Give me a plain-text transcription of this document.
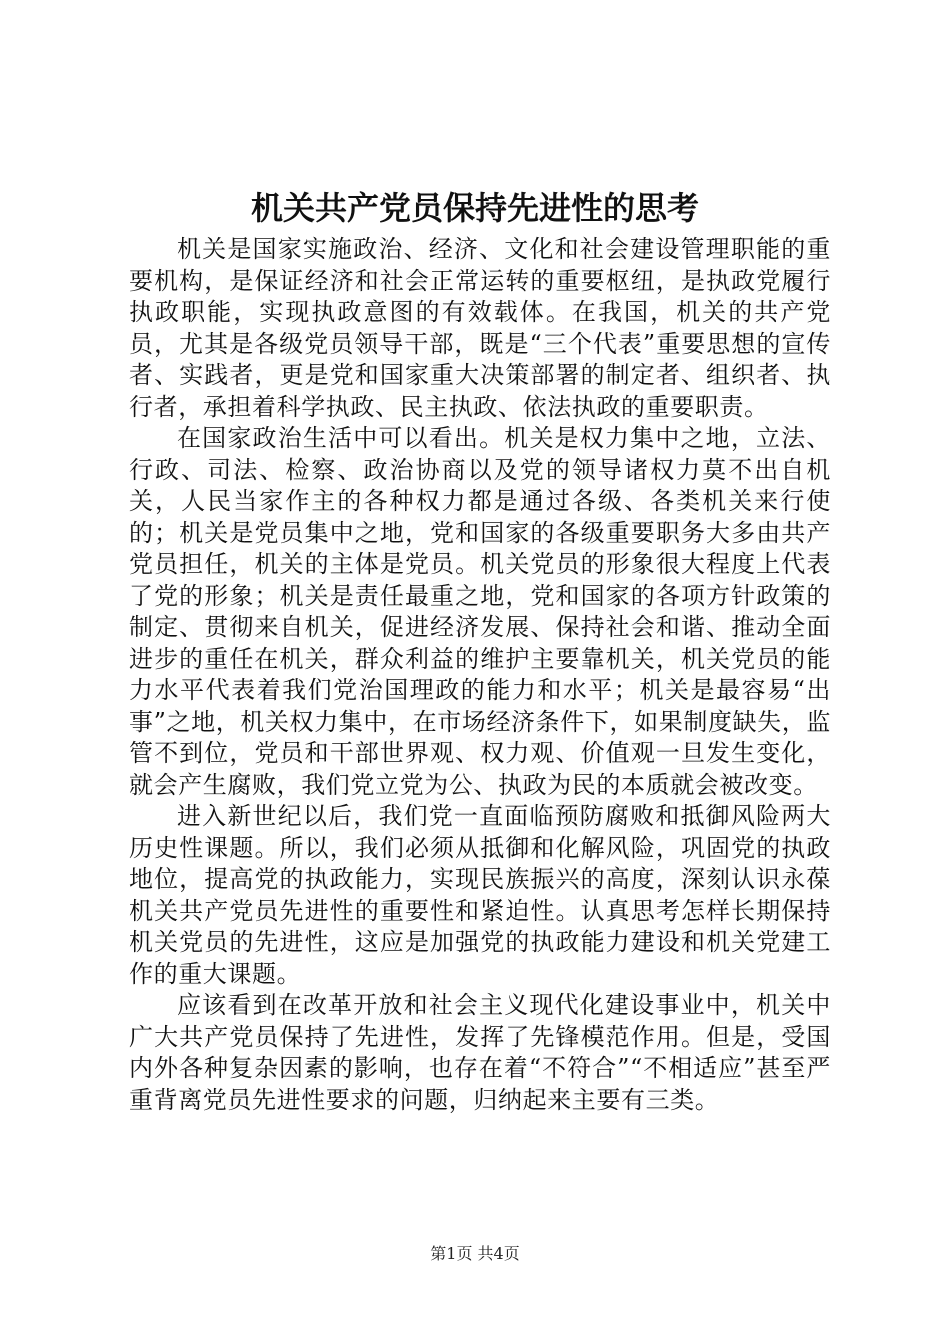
机关共产党员保持先进性的思考

机关是国家实施政治、经济、文化和社会建设管理职能的重要机构，是保证经济和社会正常运转的重要枢纽，是执政党履行执政职能，实现执政意图的有效载体。在我国，机关的共产党员，尤其是各级党员领导干部，既是“三个代表”重要思想的宣传者、实践者，更是党和国家重大决策部署的制定者、组织者、执行者，承担着科学执政、民主执政、依法执政的重要职责。

在国家政治生活中可以看出。机关是权力集中之地，立法、行政、司法、检察、政治协商以及党的领导诸权力莫不出自机关，人民当家作主的各种权力都是通过各级、各类机关来行使的；机关是党员集中之地，党和国家的各级重要职务大多由共产党员担任，机关的主体是党员。机关党员的形象很大程度上代表了党的形象；机关是责任最重之地，党和国家的各项方针政策的制定、贯彻来自机关，促进经济发展、保持社会和谐、推动全面进步的重任在机关，群众利益的维护主要靠机关，机关党员的能力水平代表着我们党治国理政的能力和水平；机关是最容易“出事”之地，机关权力集中，在市场经济条件下，如果制度缺失，监管不到位，党员和干部世界观、权力观、价值观一旦发生变化，就会产生腐败，我们党立党为公、执政为民的本质就会被改变。

进入新世纪以后，我们党一直面临预防腐败和抵御风险两大历史性课题。所以，我们必须从抵御和化解风险，巩固党的执政地位，提高党的执政能力，实现民族振兴的高度，深刻认识永葆机关共产党员先进性的重要性和紧迫性。认真思考怎样长期保持机关党员的先进性，这应是加强党的执政能力建设和机关党建工作的重大课题。

应该看到在改革开放和社会主义现代化建设事业中，机关中广大共产党员保持了先进性，发挥了先锋模范作用。但是，受国内外各种复杂因素的影响，也存在着“不符合”“不相适应”甚至严重背离党员先进性要求的问题，归纳起来主要有三类。

第1页 共4页
